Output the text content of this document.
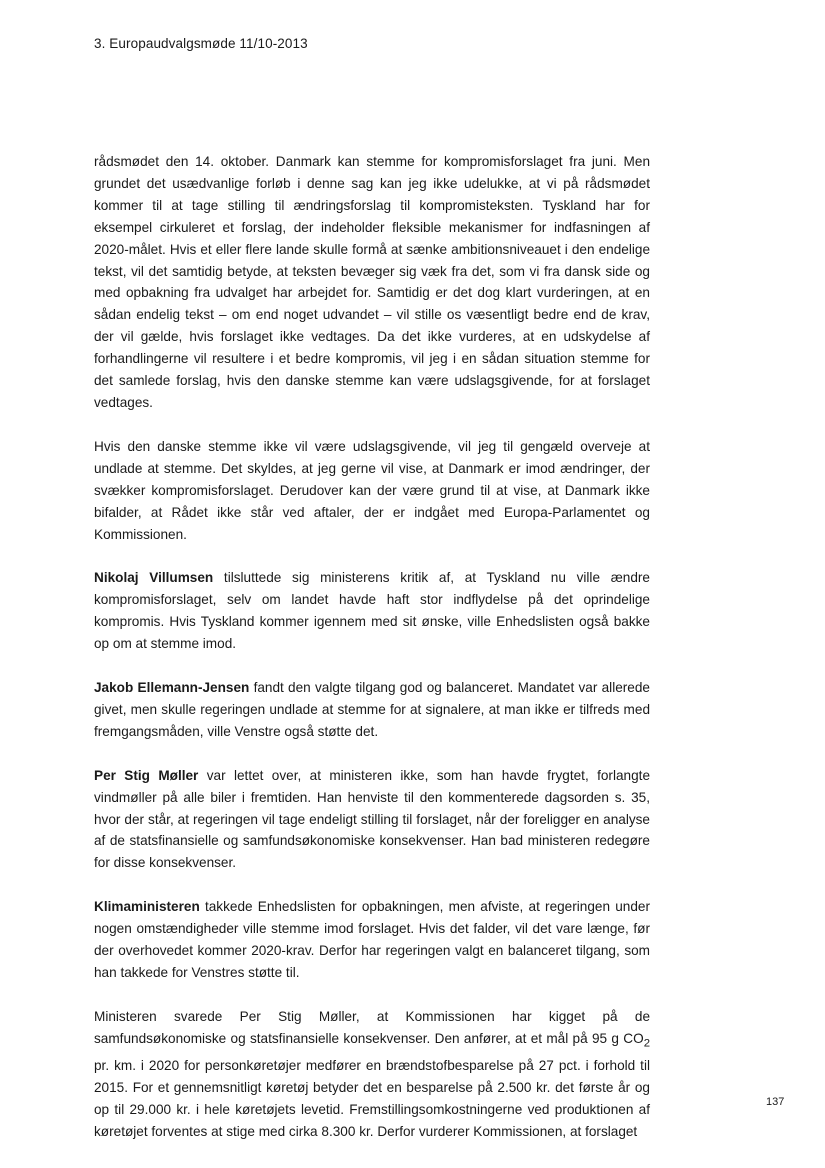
3. Europaudvalgsmøde 11/10-2013

rådsmødet den 14. oktober. Danmark kan stemme for kompromisforslaget fra juni. Men grundet det usædvanlige forløb i denne sag kan jeg ikke udelukke, at vi på rådsmødet kommer til at tage stilling til ændringsforslag til kompromisteksten. Tyskland har for eksempel cirkuleret et forslag, der indeholder fleksible mekanismer for indfasningen af 2020-målet. Hvis et eller flere lande skulle formå at sænke ambitionsniveauet i den endelige tekst, vil det samtidig betyde, at teksten bevæger sig væk fra det, som vi fra dansk side og med opbakning fra udvalget har arbejdet for. Samtidig er det dog klart vurderingen, at en sådan endelig tekst – om end noget udvandet – vil stille os væsentligt bedre end de krav, der vil gælde, hvis forslaget ikke vedtages. Da det ikke vurderes, at en udskydelse af forhandlingerne vil resultere i et bedre kompromis, vil jeg i en sådan situation stemme for det samlede forslag, hvis den danske stemme kan være udslagsgivende, for at forslaget vedtages.

Hvis den danske stemme ikke vil være udslagsgivende, vil jeg til gengæld overveje at undlade at stemme. Det skyldes, at jeg gerne vil vise, at Danmark er imod ændringer, der svækker kompromisforslaget. Derudover kan der være grund til at vise, at Danmark ikke bifalder, at Rådet ikke står ved aftaler, der er indgået med Europa-Parlamentet og Kommissionen.

Nikolaj Villumsen tilsluttede sig ministerens kritik af, at Tyskland nu ville ændre kompromisforslaget, selv om landet havde haft stor indflydelse på det oprindelige kompromis. Hvis Tyskland kommer igennem med sit ønske, ville Enhedslisten også bakke op om at stemme imod.

Jakob Ellemann-Jensen fandt den valgte tilgang god og balanceret. Mandatet var allerede givet, men skulle regeringen undlade at stemme for at signalere, at man ikke er tilfreds med fremgangsmåden, ville Venstre også støtte det.

Per Stig Møller var lettet over, at ministeren ikke, som han havde frygtet, forlangte vindmøller på alle biler i fremtiden. Han henviste til den kommenterede dagsorden s. 35, hvor der står, at regeringen vil tage endeligt stilling til forslaget, når der foreligger en analyse af de statsfinansielle og samfundsøkonomiske konsekvenser. Han bad ministeren redegøre for disse konsekvenser.

Klimaministeren takkede Enhedslisten for opbakningen, men afviste, at regeringen under nogen omstændigheder ville stemme imod forslaget. Hvis det falder, vil det vare længe, før der overhovedet kommer 2020-krav. Derfor har regeringen valgt en balanceret tilgang, som han takkede for Venstres støtte til.

Ministeren svarede Per Stig Møller, at Kommissionen har kigget på de samfundsøkonomiske og statsfinansielle konsekvenser. Den anfører, at et mål på 95 g $CO_2$ pr. km. i 2020 for personkøretøjer medfører en brændstofbesparelse på 27 pct. i forhold til 2015. For et gennemsnitligt køretøj betyder det en besparelse på 2.500 kr. det første år og op til 29.000 kr. i hele køretøjets levetid. Fremstillingsomkostningerne ved produktionen af køretøjet forventes at stige med cirka 8.300 kr. Derfor vurderer Kommissionen, at forslaget

137
